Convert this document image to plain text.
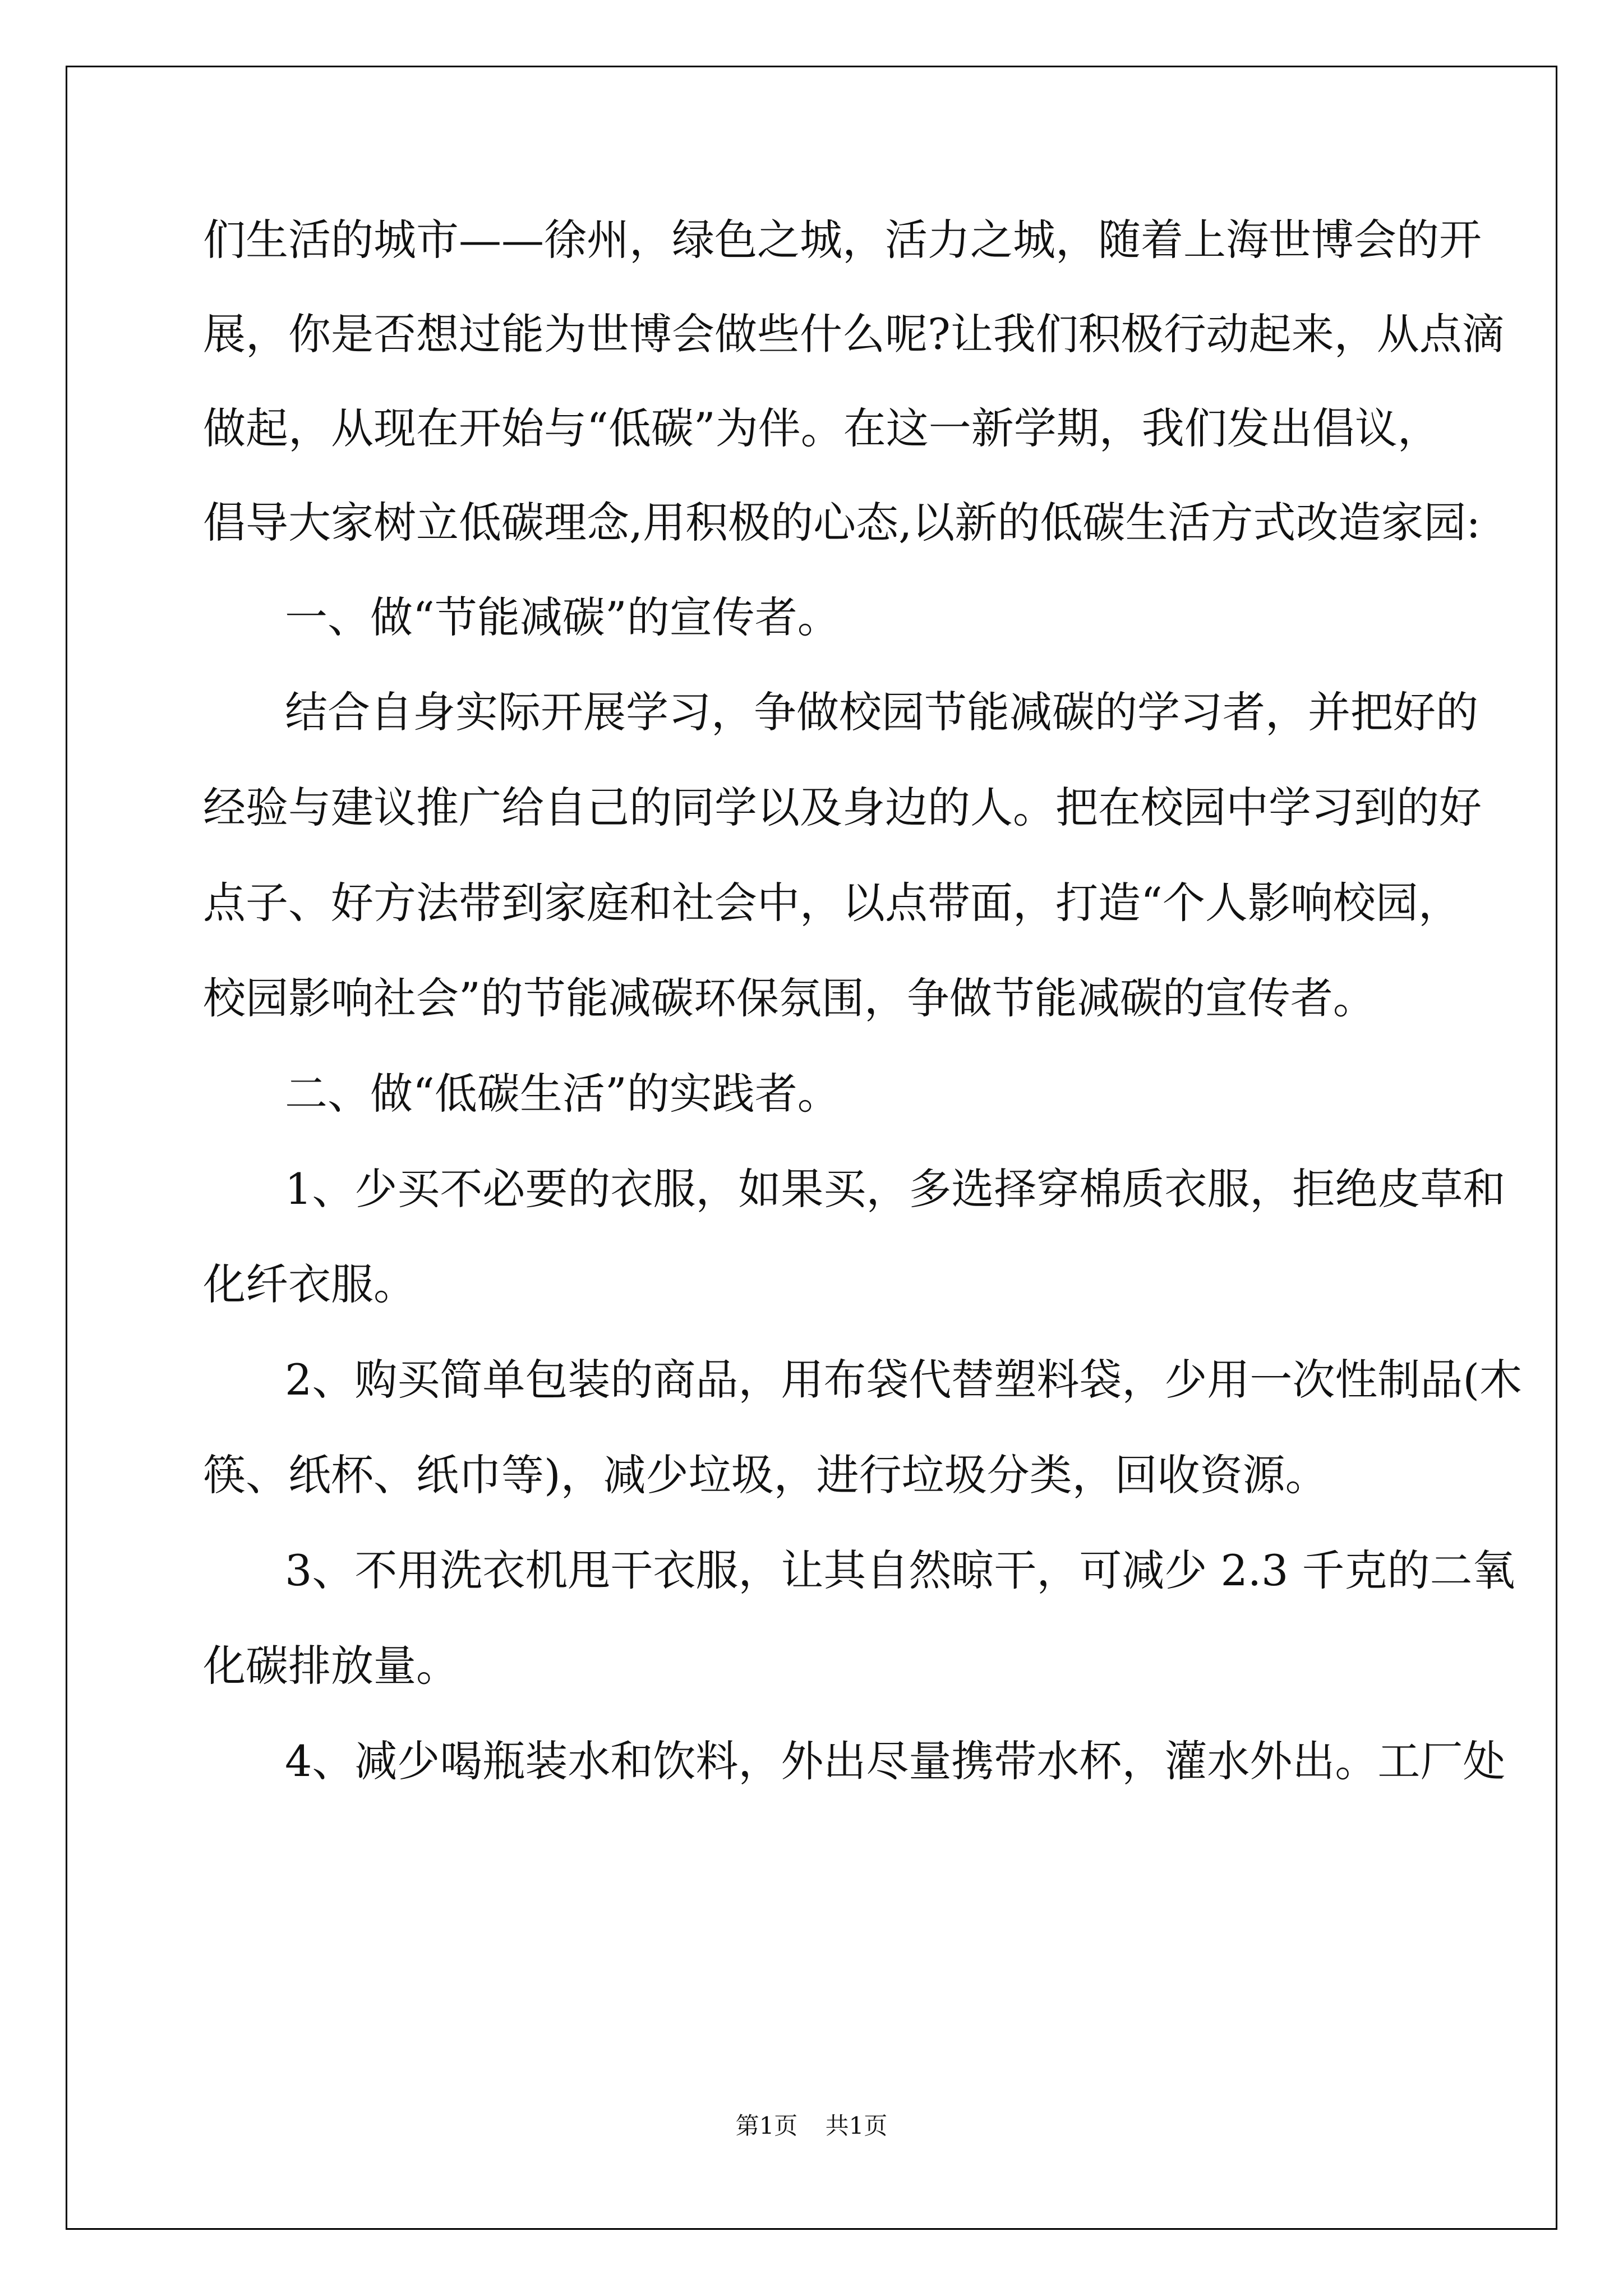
们生活的城市——徐州，绿色之城，活力之城，随着上海世博会的开
展，你是否想过能为世博会做些什么呢?让我们积极行动起来，从点滴
做起，从现在开始与“低碳”为伴。在这一新学期，我们发出倡议，
倡导大家树立低碳理念,用积极的心态,以新的低碳生活方式改造家园:
一、做“节能减碳”的宣传者。
结合自身实际开展学习，争做校园节能减碳的学习者，并把好的
经验与建议推广给自己的同学以及身边的人。把在校园中学习到的好
点子、好方法带到家庭和社会中，以点带面，打造“个人影响校园，
校园影响社会”的节能减碳环保氛围，争做节能减碳的宣传者。
二、做“低碳生活”的实践者。
1、少买不必要的衣服，如果买，多选择穿棉质衣服，拒绝皮草和
化纤衣服。
2、购买简单包装的商品，用布袋代替塑料袋，少用一次性制品(木
筷、纸杯、纸巾等)，减少垃圾，进行垃圾分类，回收资源。
3、不用洗衣机甩干衣服，让其自然晾干，可减少 2.3 千克的二氧
化碳排放量。
4、减少喝瓶装水和饮料，外出尽量携带水杯，灌水外出。工厂处
第1页 共1页
